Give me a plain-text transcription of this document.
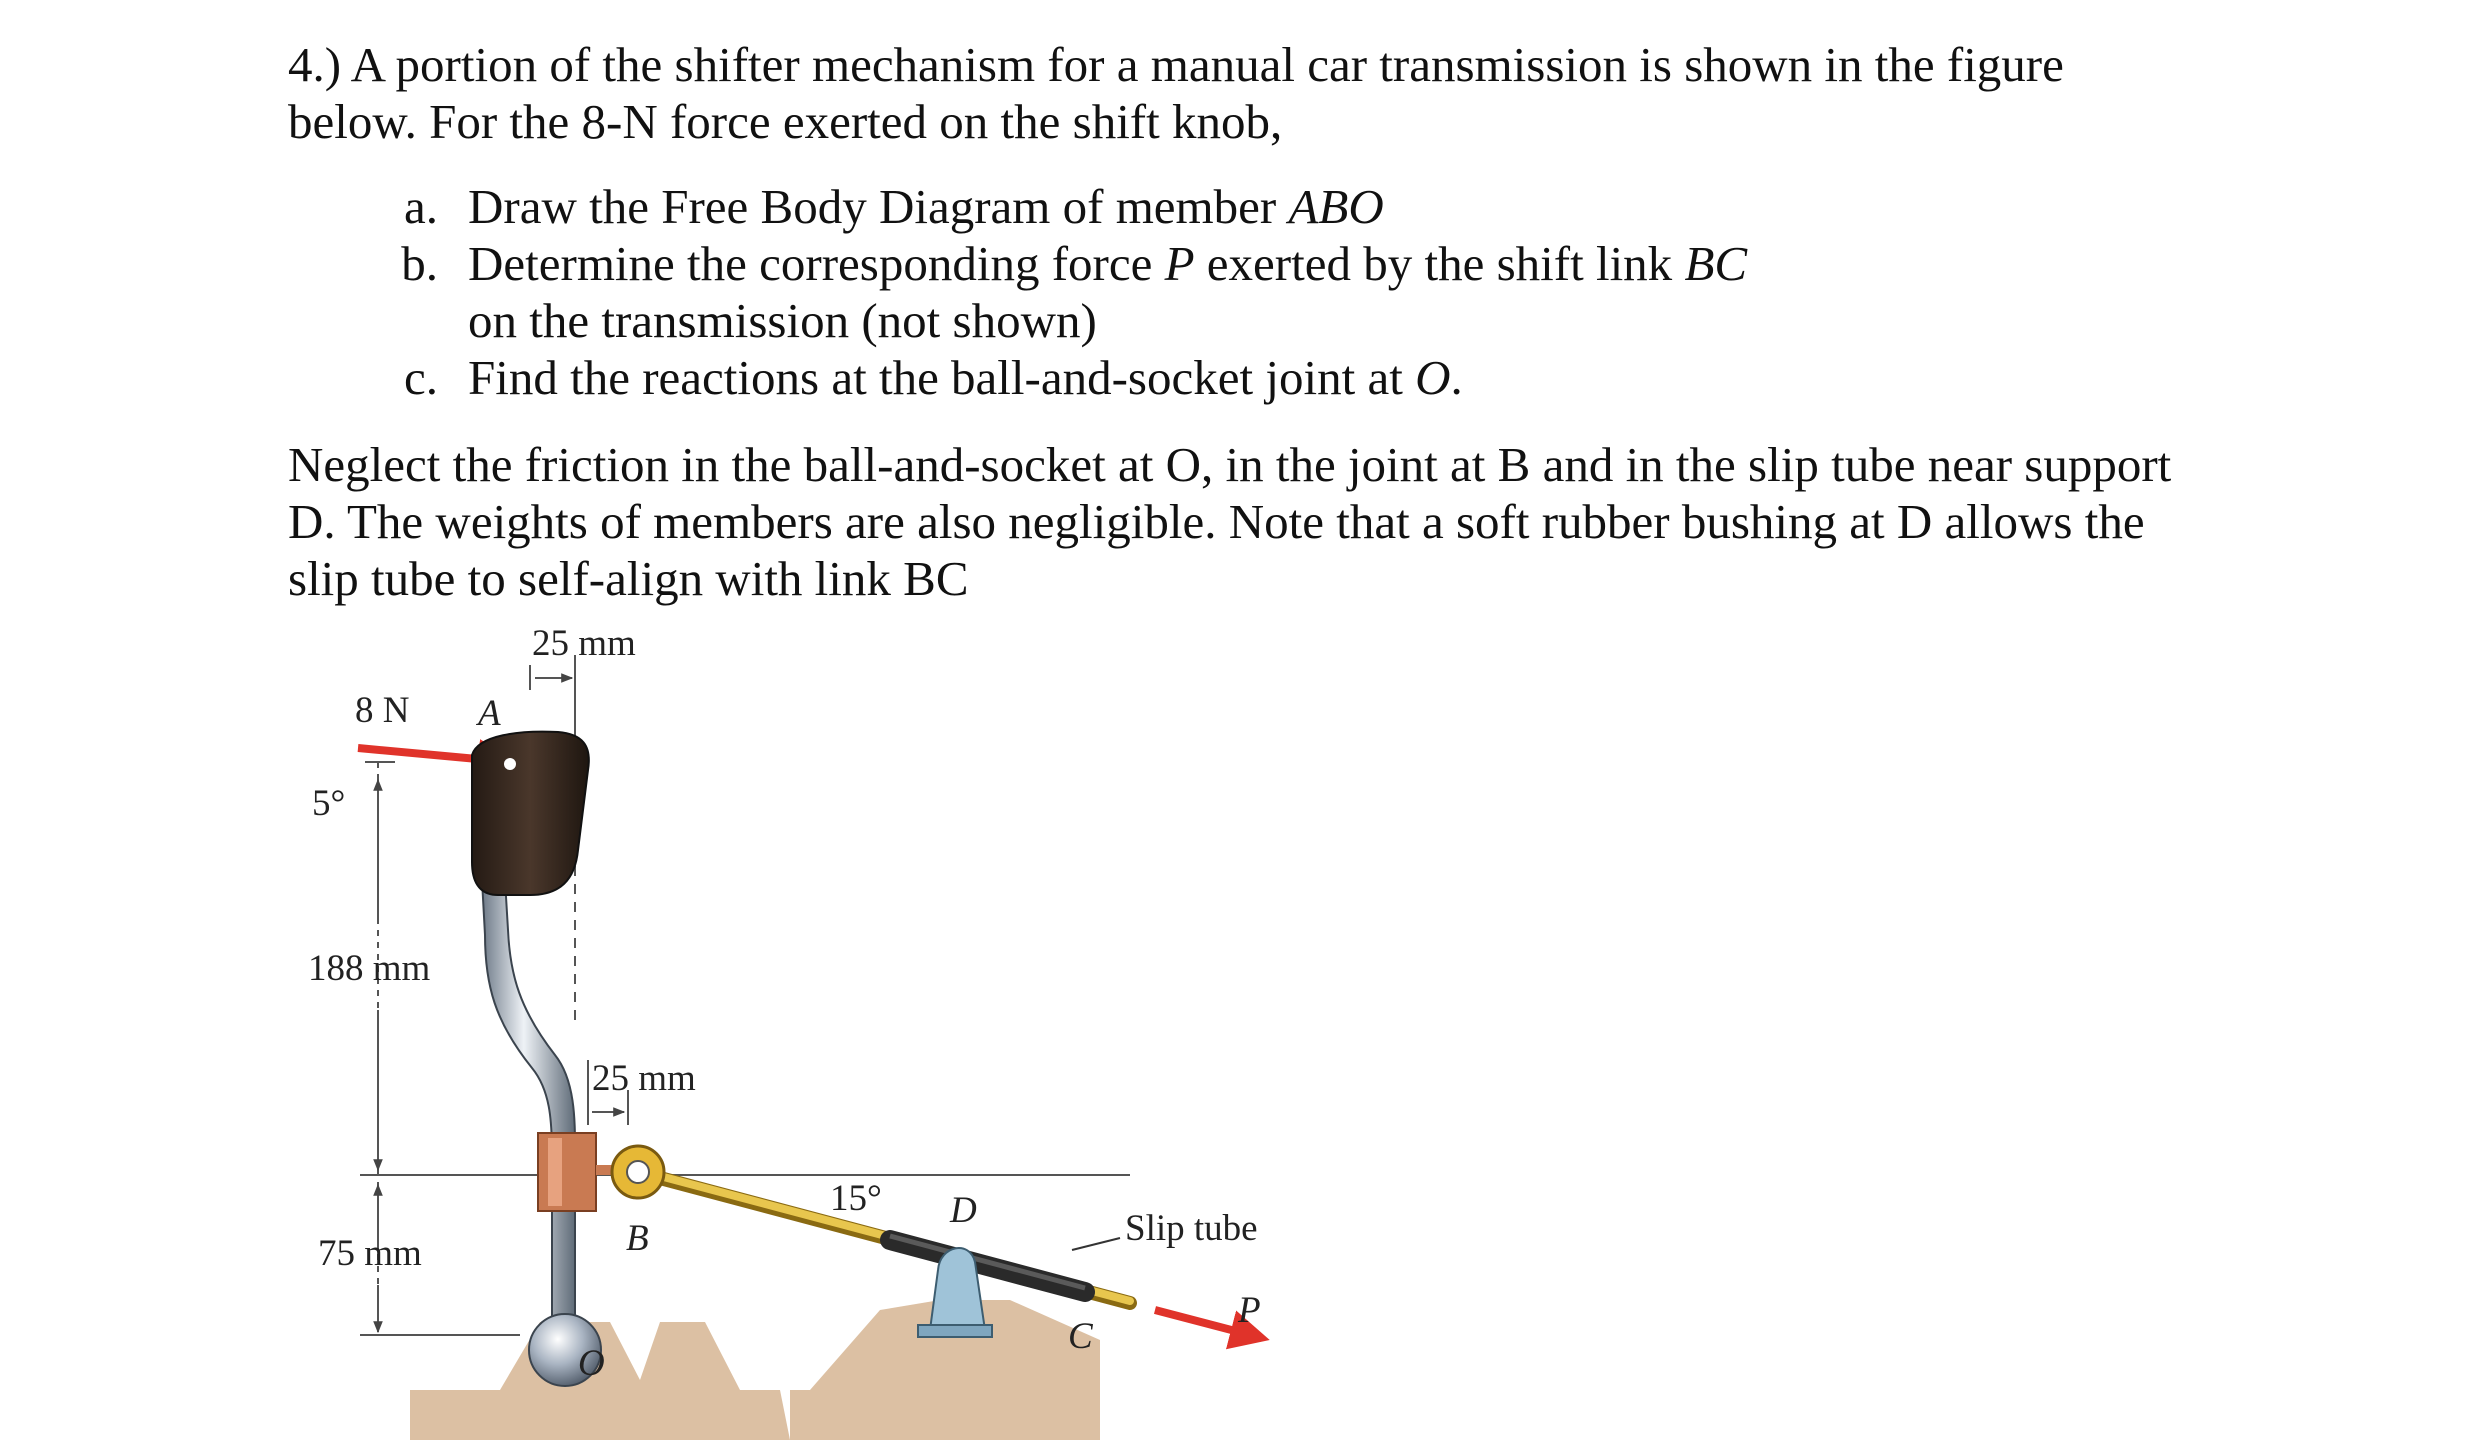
4.) A portion of the shifter mechanism for a manual car transmission is shown in the figure
below. For the 8-N force exerted on the shift knob,
a. Draw the Free Body Diagram of member ABO
b. Determine the corresponding force P exerted by the shift link BC
on the transmission (not shown)
c. Find the reactions at the ball-and-socket joint at O.
Neglect the friction in the ball-and-socket at O, in the joint at B and in the slip tube near support
D. The weights of members are also negligible. Note that a soft rubber bushing at D allows the
slip tube to self-align with link BC
25 mm
8 N A
5°
188 mm
25 mm
75 mm	B
15° D	Slip tube
C
P
O
